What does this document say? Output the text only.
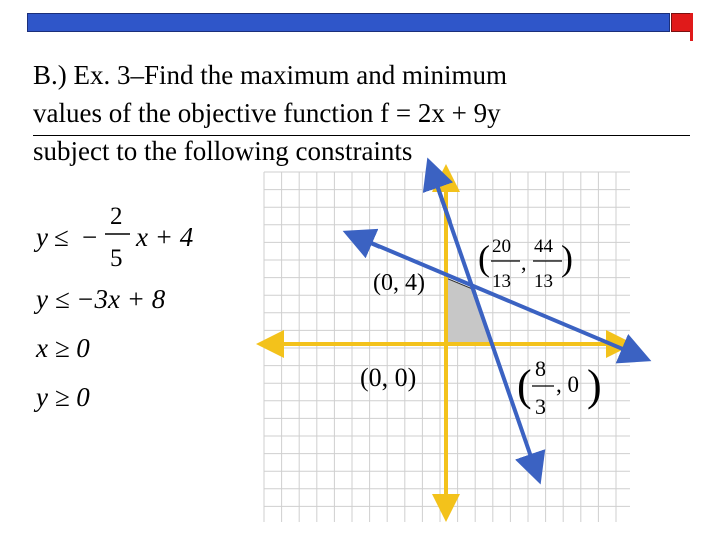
B.) Ex. 3–Find the maximum and minimum
values of the objective function f = 2x + 9y
subject to the following constraints
y ≤ −
2
5
x + 4
y ≤ −3x + 8
x ≥ 0
y ≥ 0
(0, 4)
(0, 0)
( 20
13
,
44
13
)
( 8
3
, 0 )
